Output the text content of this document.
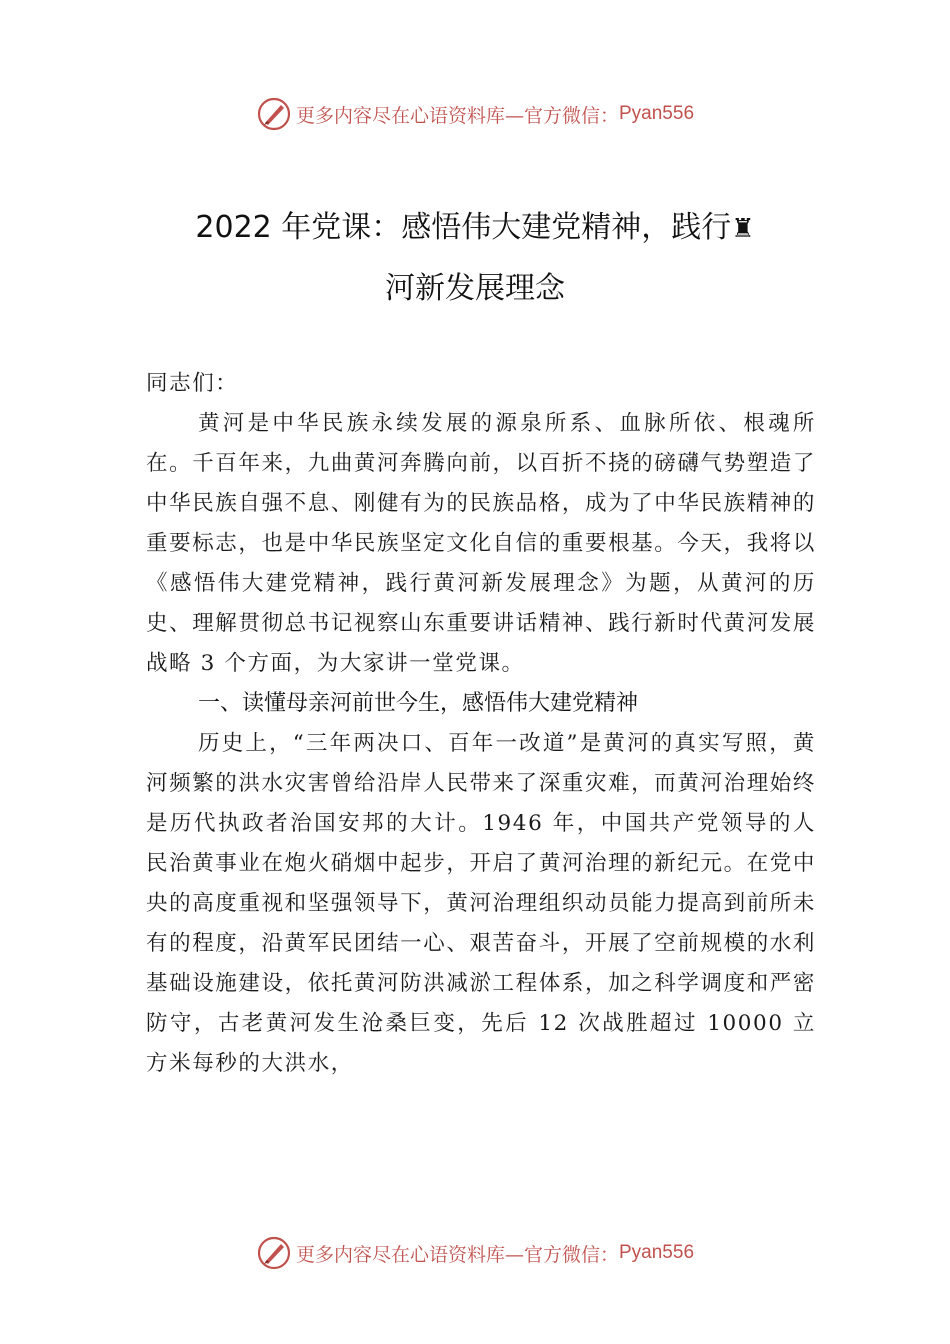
更多内容尽在心语资料库—官方微信： Pyan556
2022 年党课：感悟伟大建党精神，践行♜
河新发展理念

同志们：

黄河是中华民族永续发展的源泉所系、血脉所依、根魂所在。千百年来，九曲黄河奔腾向前，以百折不挠的磅礴气势塑造了中华民族自强不息、刚健有为的民族品格，成为了中华民族精神的重要标志，也是中华民族坚定文化自信的重要根基。今天，我将以《感悟伟大建党精神，践行黄河新发展理念》为题，从黄河的历史、理解贯彻总书记视察山东重要讲话精神、践行新时代黄河发展战略 3 个方面，为大家讲一堂党课。

一、读懂母亲河前世今生，感悟伟大建党精神

历史上，“三年两决口、百年一改道”是黄河的真实写照，黄河频繁的洪水灾害曾给沿岸人民带来了深重灾难，而黄河治理始终是历代执政者治国安邦的大计。1946 年，中国共产党领导的人民治黄事业在炮火硝烟中起步，开启了黄河治理的新纪元。在党中央的高度重视和坚强领导下，黄河治理组织动员能力提高到前所未有的程度，沿黄军民团结一心、艰苦奋斗，开展了空前规模的水利基础设施建设，依托黄河防洪减淤工程体系，加之科学调度和严密防守，古老黄河发生沧桑巨变，先后 12 次战胜超过 10000 立方米每秒的大洪水，

更多内容尽在心语资料库—官方微信： Pyan556
